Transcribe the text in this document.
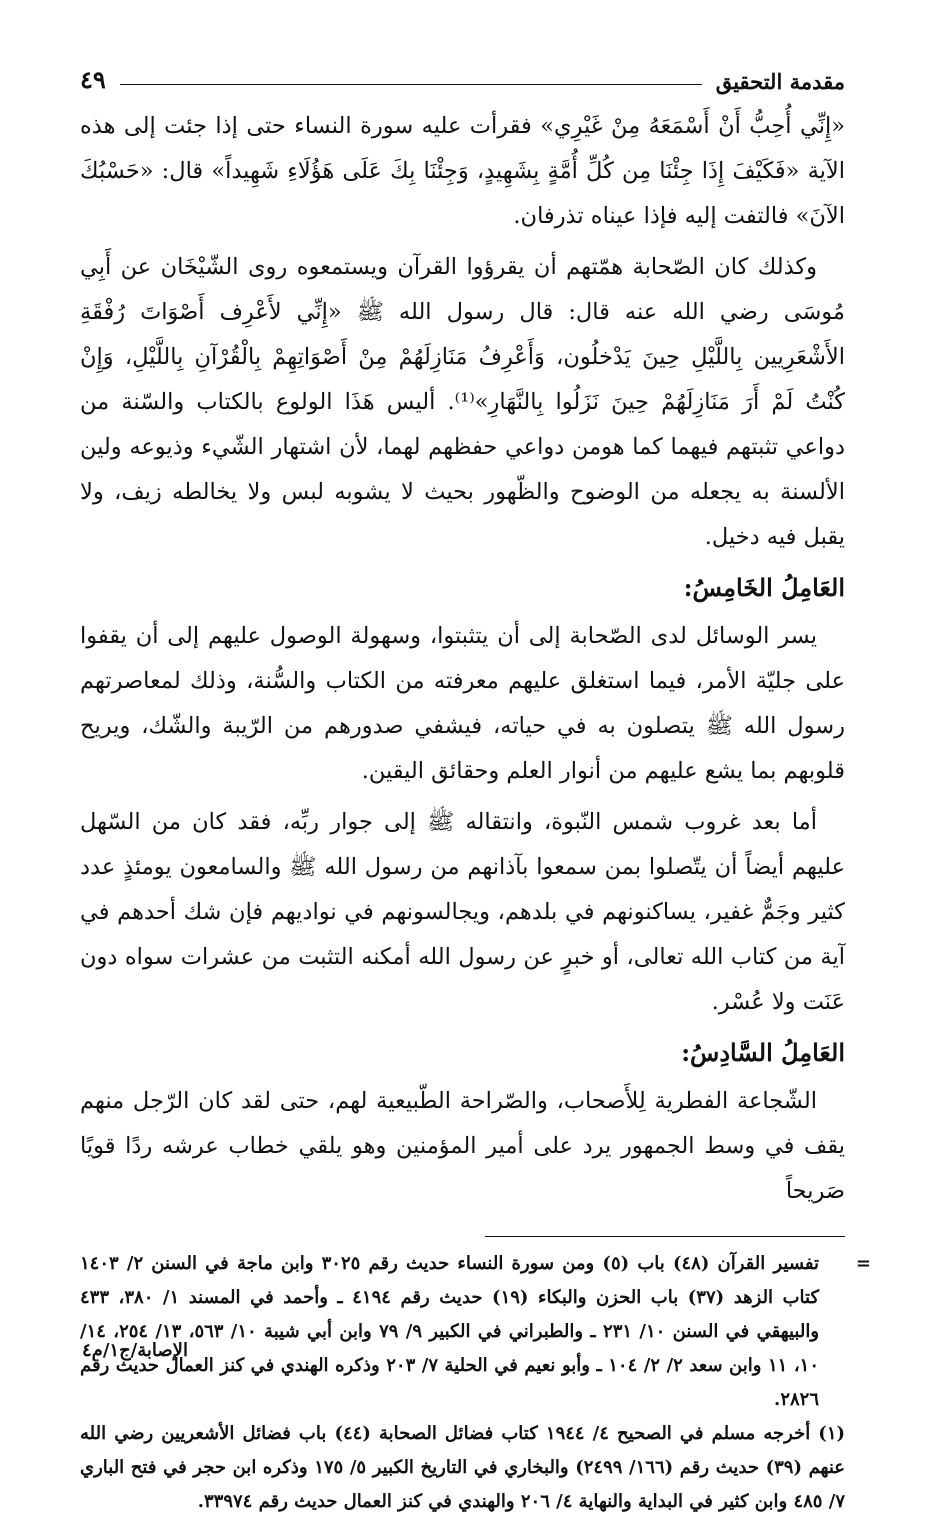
مقدمة التحقيق
٤٩

«إِنِّي أُحِبُّ أَنْ أَسْمَعَهُ مِنْ غَيْرِي» فقرأت عليه سورة النساء حتى إذا جئت إلى هذه الآية «فَكَيْفَ إِذَا جِئْنَا مِن كُلِّ أُمَّةٍ بِشَهِيدٍ، وَجِئْنَا بِكَ عَلَى هَؤُلَاءِ شَهِيداً» قال: «حَسْبُكَ الآنَ» فالتفت إليه فإذا عيناه تذرفان.

وكذلك كان الصّحابة همّتهم أن يقرؤوا القرآن ويستمعوه روى الشّيْخَان عن أَبِي مُوسَى رضي الله عنه قال: قال رسول الله ﷺ «إِنِّي لأَعْرِف أَصْوَاتَ رُفْقَةِ الأَشْعَرِيين بِاللَّيْلِ حِينَ يَدْخلُون، وَأَعْرِفُ مَنَازِلَهُمْ مِنْ أَصْوَاتِهِمْ بِالْقُرْآنِ بِاللَّيْلِ، وَإِنْ كُنْتُ لَمْ أَرَ مَنَازِلَهُمْ حِينَ نَزَلُوا بِالنَّهَارِ»⁽¹⁾. أليس هَذَا الولوع بالكتاب والسّنة من دواعي تثبتهم فيهما كما هومن دواعي حفظهم لهما، لأن اشتهار الشّيء وذيوعه ولين الألسنة به يجعله من الوضوح والظّهور بحيث لا يشوبه لبس ولا يخالطه زيف، ولا يقبل فيه دخيل.

العَامِلُ الخَامِسُ:

يسر الوسائل لدى الصّحابة إلى أن يتثبتوا، وسهولة الوصول عليهم إلى أن يقفوا على جليّة الأمر، فيما استغلق عليهم معرفته من الكتاب والسُّنة، وذلك لمعاصرتهم رسول الله ﷺ يتصلون به في حياته، فيشفي صدورهم من الرّيبة والشّك، ويريح قلوبهم بما يشع عليهم من أنوار العلم وحقائق اليقين.

أما بعد غروب شمس النّبوة، وانتقاله ﷺ إلى جوار ربِّه، فقد كان من السّهل عليهم أيضاً أن يتّصلوا بمن سمعوا بآذانهم من رسول الله ﷺ والسامعون يومئذٍ عدد كثير وجَمٌّ غفير، يساكنونهم في بلدهم، ويجالسونهم في نواديهم فإن شك أحدهم في آية من كتاب الله تعالى، أو خبرٍ عن رسول الله أمكنه التثبت من عشرات سواه دون عَنَت ولا عُسْر.

العَامِلُ السَّادِسُ:

الشّجاعة الفطرية لِلأَصحاب، والصّراحة الطّبيعية لهم، حتى لقد كان الرّجل منهم يقف في وسط الجمهور يرد على أمير المؤمنين وهو يلقي خطاب عرشه ردًا قويًا صَريحاً

=تفسير القرآن (٤٨) باب (٥) ومن سورة النساء حديث رقم ٣٠٢٥ وابن ماجة في السنن ٢/ ١٤٠٣ كتاب الزهد (٣٧) باب الحزن والبكاء (١٩) حديث رقم ٤١٩٤ ـ وأحمد في المسند ١/ ٣٨٠، ٤٣٣ والبيهقي في السنن ١٠/ ٢٣١ ـ والطبراني في الكبير ٩/ ٧٩ وابن أبي شيبة ١٠/ ٥٦٣، ١٣/ ٢٥٤، ١٤/ ١٠، ١١ وابن سعد ٢/ ٢/ ١٠٤ ـ وأبو نعيم في الحلية ٧/ ٢٠٣ وذكره الهندي في كنز العمال حديث رقم ٢٨٢٦.

(١) أخرجه مسلم في الصحيح ٤/ ١٩٤٤ كتاب فضائل الصحابة (٤٤) باب فضائل الأشعريين رضي الله عنهم (٣٩) حديث رقم (١٦٦/ ٢٤٩٩) والبخاري في التاريخ الكبير ٥/ ١٧٥ وذكره ابن حجر في فتح الباري ٧/ ٤٨٥ وابن كثير في البداية والنهاية ٤/ ٢٠٦ والهندي في كنز العمال حديث رقم ٣٣٩٧٤.

الإصابة/ج١/م٤
